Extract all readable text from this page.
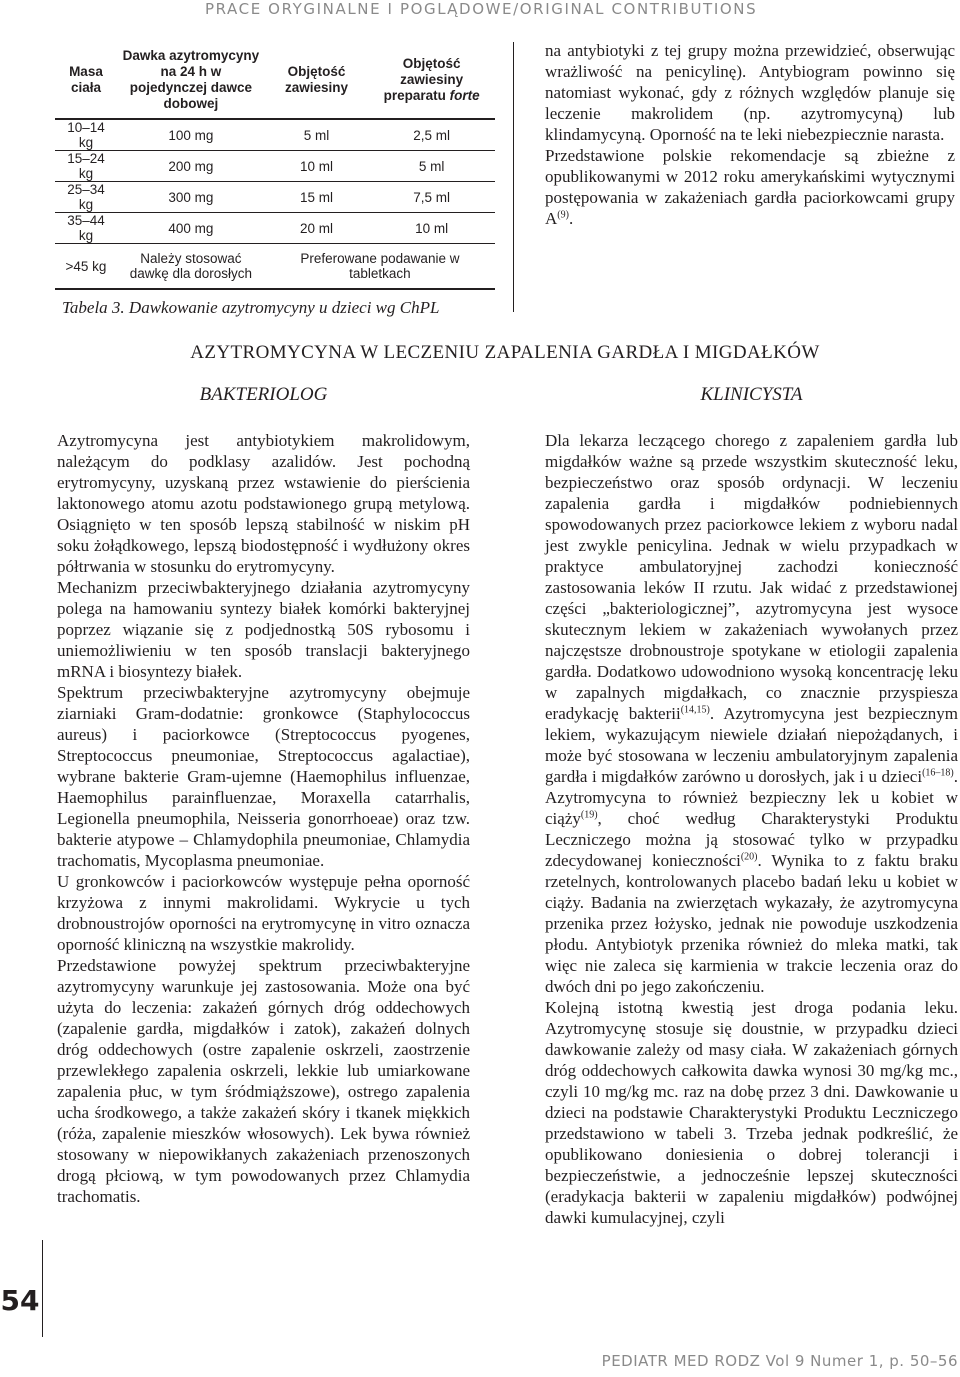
PRACE ORYGINALNE I POGLĄDOWE/ORIGINAL CONTRIBUTIONS
Masa ciała	Dawka azytromycyny na 24 h w pojedynczej dawce dobowej	Objętość zawiesiny	Objętość zawiesiny preparatu forte
10–14 kg	100 mg	5 ml	2,5 ml
15–24 kg	200 mg	10 ml	5 ml
25–34 kg	300 mg	15 ml	7,5 ml
35–44 kg	400 mg	20 ml	10 ml
>45 kg	Należy stosować dawkę dla dorosłych	Preferowane podawanie w tabletkach	
Tabela 3. Dawkowanie azytromycyny u dzieci wg ChPL

na antybiotyki z tej grupy można przewidzieć, obserwując wrażliwość na penicylinę). Antybiogram powinno się natomiast wykonać, gdy z różnych względów planuje się leczenie makrolidem (np. azytromycyną) lub klindamycyną. Oporność na te leki niebezpiecznie narasta.

Przedstawione polskie rekomendacje są zbieżne z opublikowanymi w 2012 roku amerykańskimi wytycznymi postępowania w zakażeniach gardła paciorkowcami grupy $A^{(9)}$.

AZYTROMYCYNA W LECZENIU ZAPALENIA GARDŁA I MIGDAŁKÓW
BAKTERIOLOG	KLINICYSTA

Azytromycyna jest antybiotykiem makrolidowym, należącym do podklasy azalidów. Jest pochodną erytromycyny, uzyskaną przez wstawienie do pierścienia laktonowego atomu azotu podstawionego grupą metylową. Osiągnięto w ten sposób lepszą stabilność w niskim pH soku żołądkowego, lepszą biodostępność i wydłużony okres półtrwania w stosunku do erytromycyny.

Mechanizm przeciwbakteryjnego działania azytromycyny polega na hamowaniu syntezy białek komórki bakteryjnej poprzez wiązanie się z podjednostką 50S rybosomu i uniemożliwieniu w ten sposób translacji bakteryjnego mRNA i biosyntezy białek.

Spektrum przeciwbakteryjne azytromycyny obejmuje ziarniaki Gram-dodatnie: gronkowce (Staphylococcus aureus) i paciorkowce (Streptococcus pyogenes, Streptococcus pneumoniae, Streptococcus agalactiae), wybrane bakterie Gram-ujemne (Haemophilus influenzae, Haemophilus parainfluenzae, Moraxella catarrhalis, Legionella pneumophila, Neisseria gonorrhoeae) oraz tzw. bakterie atypowe – Chlamydophila pneumoniae, Chlamydia trachomatis, Mycoplasma pneumoniae.

U gronkowców i paciorkowców występuje pełna oporność krzyżowa z innymi makrolidami. Wykrycie u tych drobnoustrojów oporności na erytromycynę in vitro oznacza oporność kliniczną na wszystkie makrolidy.

Przedstawione powyżej spektrum przeciwbakteryjne azytromycyny warunkuje jej zastosowania. Może ona być użyta do leczenia: zakażeń górnych dróg oddechowych (zapalenie gardła, migdałków i zatok), zakażeń dolnych dróg oddechowych (ostre zapalenie oskrzeli, zaostrzenie przewlekłego zapalenia oskrzeli, lekkie lub umiarkowane zapalenia płuc, w tym śródmiąższowe), ostrego zapalenia ucha środkowego, a także zakażeń skóry i tkanek miękkich (róża, zapalenie mieszków włosowych). Lek bywa również stosowany w niepowikłanych zakażeniach przenoszonych drogą płciową, w tym powodowanych przez Chlamydia trachomatis.

Dla lekarza leczącego chorego z zapaleniem gardła lub migdałków ważne są przede wszystkim skuteczność leku, bezpieczeństwo oraz sposób ordynacji. W leczeniu zapalenia gardła i migdałków podniebiennych spowodowanych przez paciorkowce lekiem z wyboru nadal jest zwykle penicylina. Jednak w wielu przypadkach w praktyce ambulatoryjnej zachodzi konieczność zastosowania leków II rzutu. Jak widać z przedstawionej części „bakteriologicznej”, azytromycyna jest wysoce skutecznym lekiem w zakażeniach wywołanych przez najczęstsze drobnoustroje spotykane w etiologii zapalenia gardła. Dodatkowo udowodniono wysoką koncentrację leku w zapalnych migdałkach, co znacznie przyspiesza eradykację bakterii$^{(14,15)}$. Azytromycyna jest bezpiecznym lekiem, wykazującym niewiele działań niepożądanych, i może być stosowana w leczeniu ambulatoryjnym zapalenia gardła i migdałków zarówno u dorosłych, jak i u dzieci$^{(16-18)}$. Azytromycyna to również bezpieczny lek u kobiet w ciąży$^{(19)}$, choć według Charakterystyki Produktu Leczniczego można ją stosować tylko w przypadku zdecydowanej konieczności$^{(20)}$. Wynika to z faktu braku rzetelnych, kontrolowanych placebo badań leku u kobiet w ciąży. Badania na zwierzętach wykazały, że azytromycyna przenika przez łożysko, jednak nie powoduje uszkodzenia płodu. Antybiotyk przenika również do mleka matki, tak więc nie zaleca się karmienia w trakcie leczenia oraz do dwóch dni po jego zakończeniu.

Kolejną istotną kwestią jest droga podania leku. Azytromycynę stosuje się doustnie, w przypadku dzieci dawkowanie zależy od masy ciała. W zakażeniach górnych dróg oddechowych całkowita dawka wynosi 30 mg/kg mc., czyli 10 mg/kg mc. raz na dobę przez 3 dni. Dawkowanie u dzieci na podstawie Charakterystyki Produktu Leczniczego przedstawiono w tabeli 3. Trzeba jednak podkreślić, że opublikowano doniesienia o dobrej tolerancji i bezpieczeństwie, a jednocześnie lepszej skuteczności (eradykacja bakterii w zapaleniu migdałków) podwójnej dawki kumulacyjnej, czyli

54
PEDIATR MED RODZ Vol 9 Numer 1, p. 50–56
